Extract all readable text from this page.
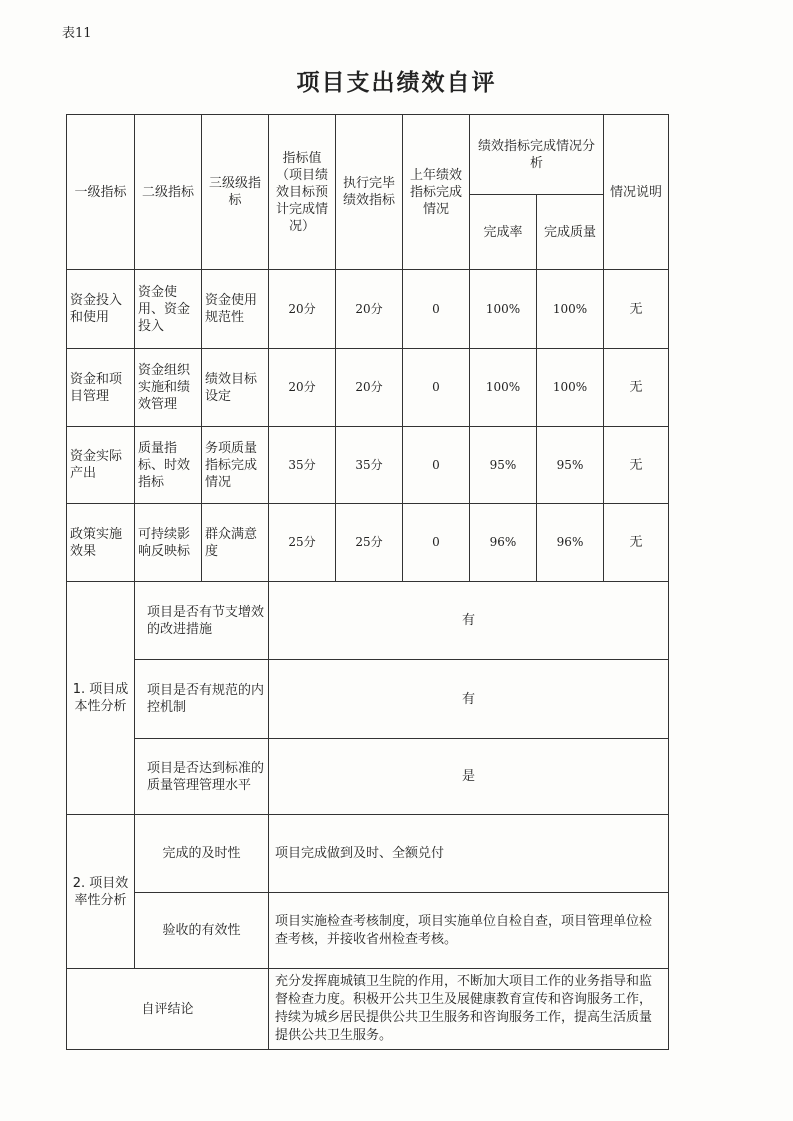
表11
项目支出绩效自评
一级指标	二级指标	三级级指标	指标值（项目绩效目标预计完成情况）	执行完毕绩效指标	上年绩效指标完成情况	绩效指标完成情况分析		情况说明
						完成率	完成质量	
资金投入和使用	资金使用、资金投入	资金使用规范性	20分	20分	0	100%	100%	无
资金和项目管理	资金组织实施和绩效管理	绩效目标设定	20分	20分	0	100%	100%	无
资金实际产出	质量指标、时效指标	务项质量指标完成情况	35分	35分	0	95%	95%	无
政策实施效果	可持续影响反映标	群众满意度	25分	25分	0	96%	96%	无
1. 项目成本性分析	项目是否有节支增效的改进措施		有					
	项目是否有规范的内控机制		有					
	项目是否达到标准的质量管理管理水平		是					
2. 项目效率性分析	完成的及时性		项目完成做到及时、全额兑付					
	验收的有效性		项目实施检查考核制度，项目实施单位自检自查，项目管理单位检查考核，并接收省州检查考核。					
自评结论			充分发挥鹿城镇卫生院的作用，不断加大项目工作的业务指导和监督检查力度。积极开公共卫生及展健康教育宣传和咨询服务工作，持续为城乡居民提供公共卫生服务和咨询服务工作，提高生活质量提供公共卫生服务。					
